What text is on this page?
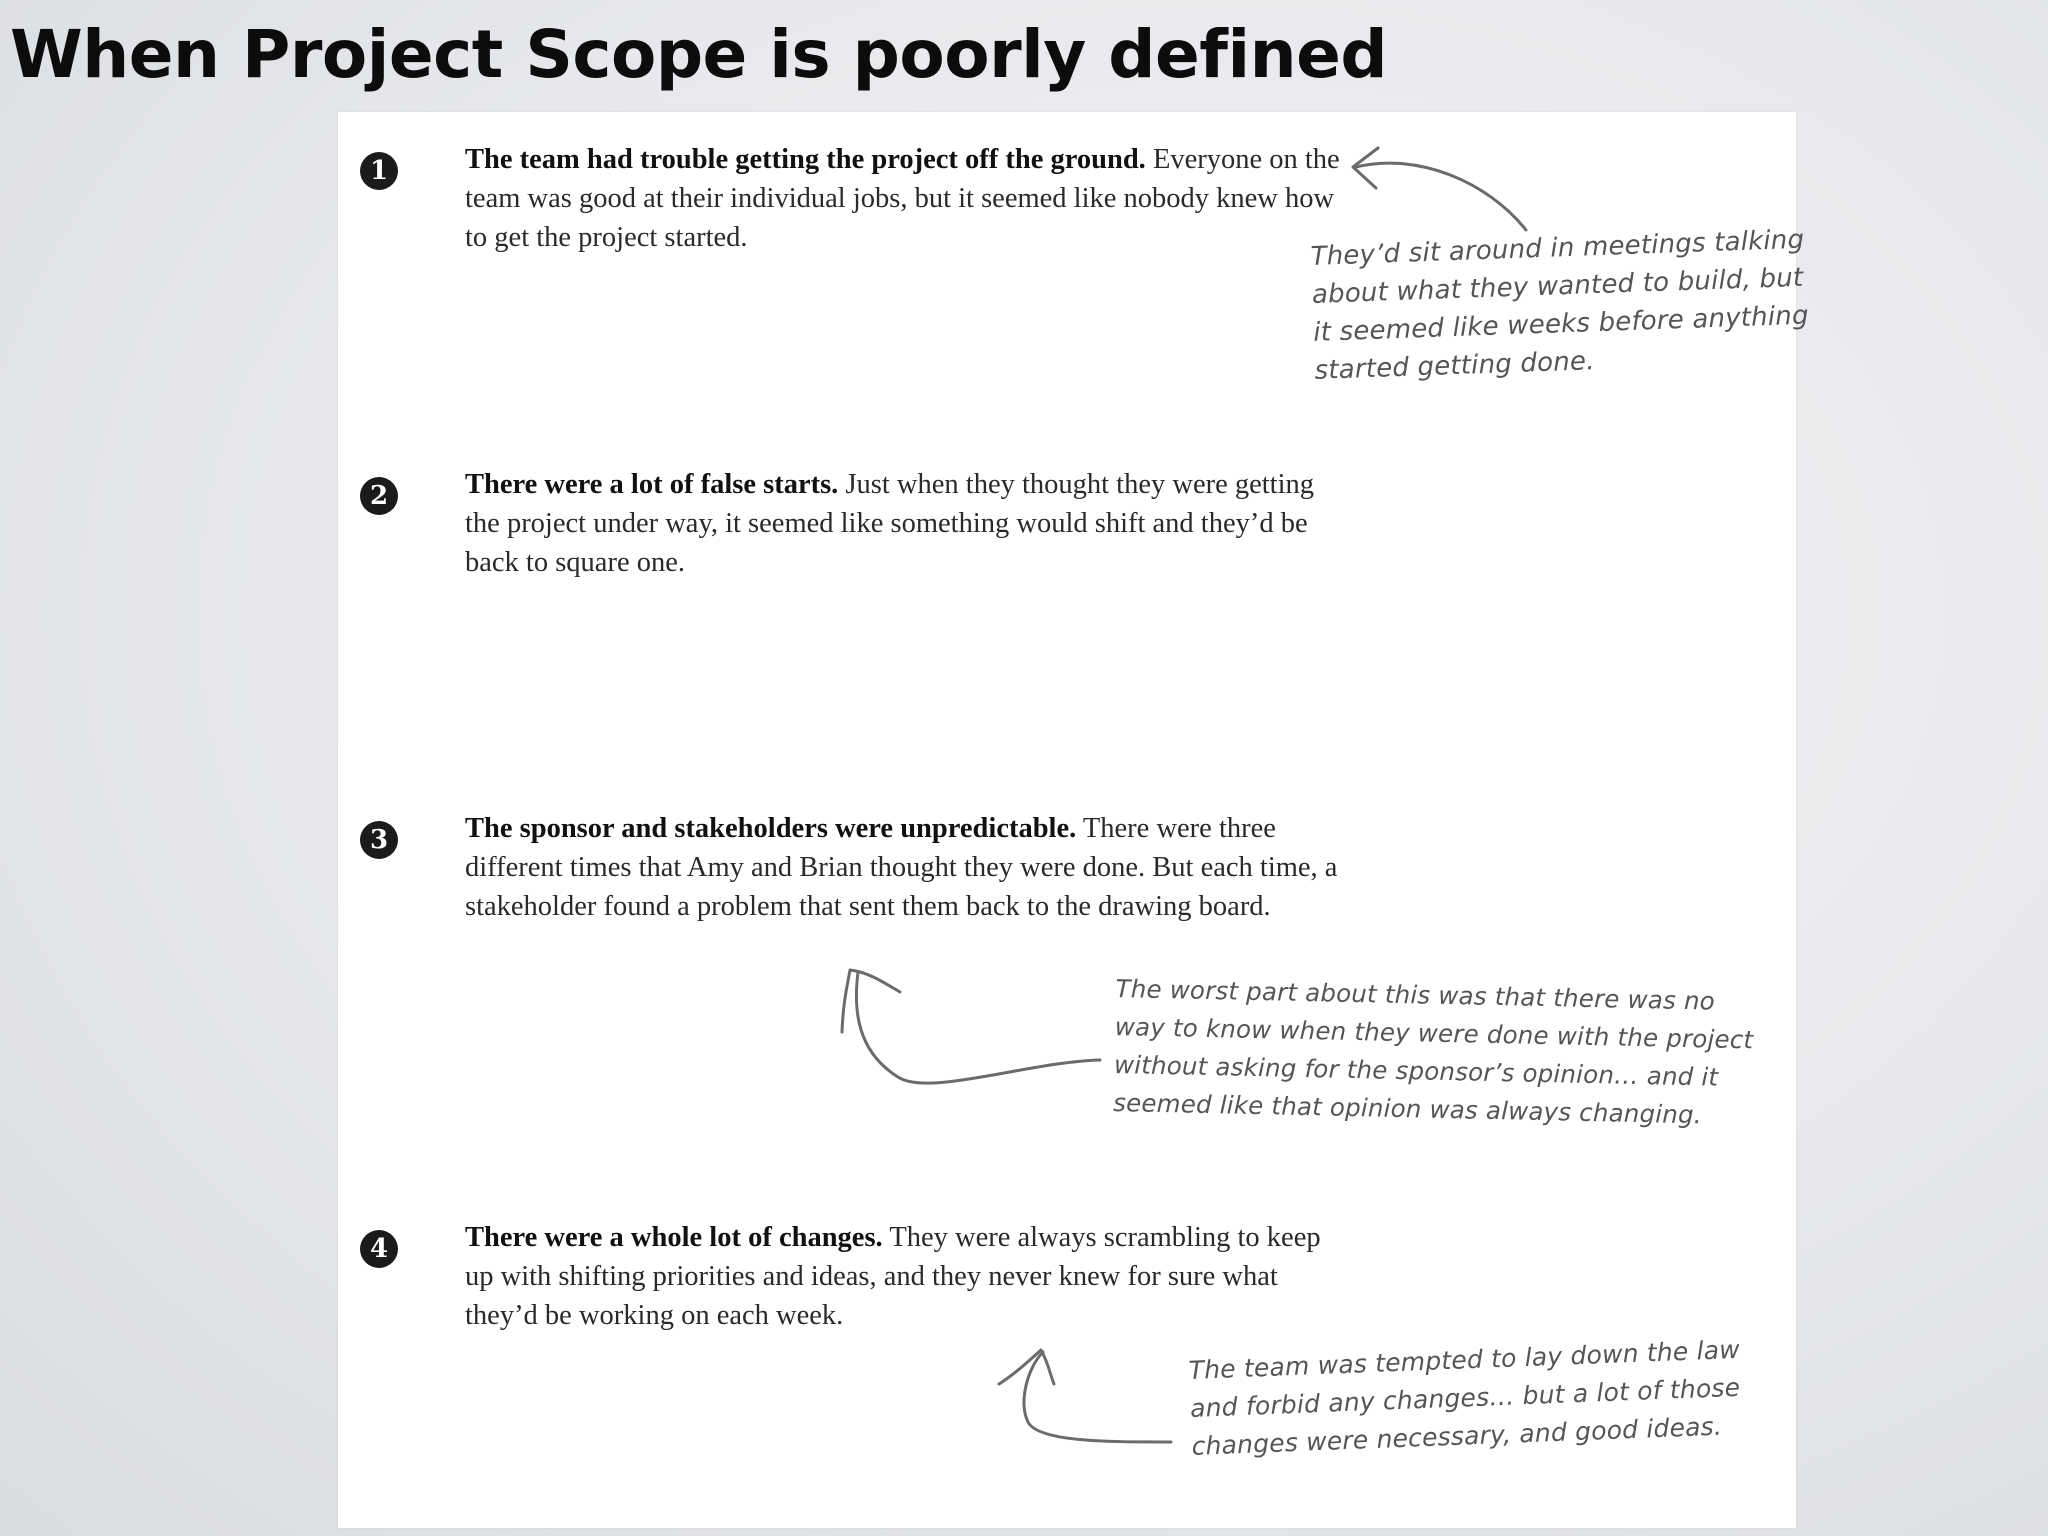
When Project Scope is poorly defined
1	The team had trouble getting the project off the ground. Everyone on the team was good at their individual jobs, but it seemed like nobody knew how to get the project started.	They’d sit around in meetings talking
about what they wanted to build, but
it seemed like weeks before anything
started getting done.
2	There were a lot of false starts. Just when they thought they were getting the project under way, it seemed like something would shift and they’d be back to square one.

3	The sponsor and stakeholders were unpredictable. There were three different times that Amy and Brian thought they were done. But each time, a stakeholder found a problem that sent them back to the drawing board.

The worst part about this was that there was no
way to know when they were done with the project
without asking for the sponsor’s opinion… and it
seemed like that opinion was always changing.
4	There were a whole lot of changes. They were always scrambling to keep up with shifting priorities and ideas, and they never knew for sure what they’d be working on each week.

The team was tempted to lay down the law
and forbid any changes… but a lot of those
changes were necessary, and good ideas.
